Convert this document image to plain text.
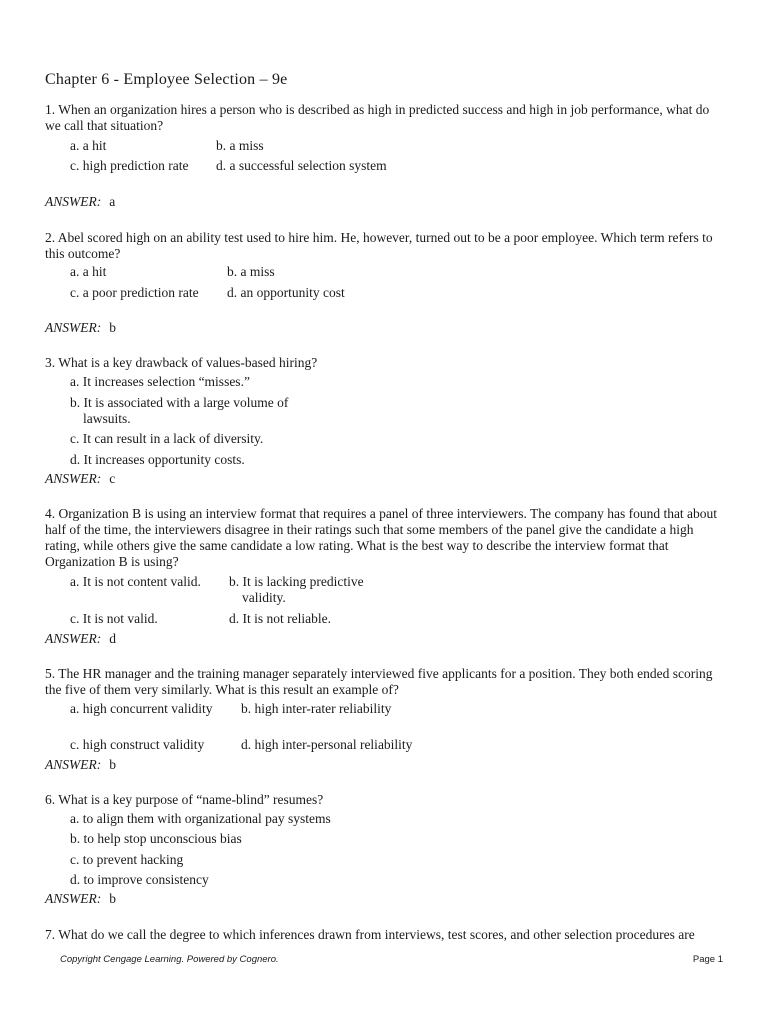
Chapter 6 - Employee Selection – 9e
1. When an organization hires a person who is described as high in predicted success and high in job performance, what do we call that situation?
a. a hit	b. a miss
c. high prediction rate	d. a successful selection system
ANSWER: a
2. Abel scored high on an ability test used to hire him. He, however, turned out to be a poor employee. Which term refers to this outcome?
a. a hit	b. a miss
c. a poor prediction rate	d. an opportunity cost
ANSWER: b
3. What is a key drawback of values-based hiring?
a. It increases selection “misses.”
b. It is associated with a large volume of lawsuits.
c. It can result in a lack of diversity.
d. It increases opportunity costs.
ANSWER: c
4. Organization B is using an interview format that requires a panel of three interviewers. The company has found that about half of the time, the interviewers disagree in their ratings such that some members of the panel give the candidate a high rating, while others give the same candidate a low rating. What is the best way to describe the interview format that Organization B is using?
a. It is not content valid. b. It is lacking predictive validity.
c. It is not valid.	d. It is not reliable.
ANSWER: d
5. The HR manager and the training manager separately interviewed five applicants for a position. They both ended scoring the five of them very similarly. What is this result an example of?
a. high concurrent validity b. high inter-rater reliability
c. high construct validity	d. high inter-personal reliability
ANSWER: b
6. What is a key purpose of “name-blind” resumes?
a. to align them with organizational pay systems
b. to help stop unconscious bias
c. to prevent hacking
d. to improve consistency
ANSWER: b
7. What do we call the degree to which inferences drawn from interviews, test scores, and other selection procedures are
Copyright Cengage Learning. Powered by Cognero.	Page 1
